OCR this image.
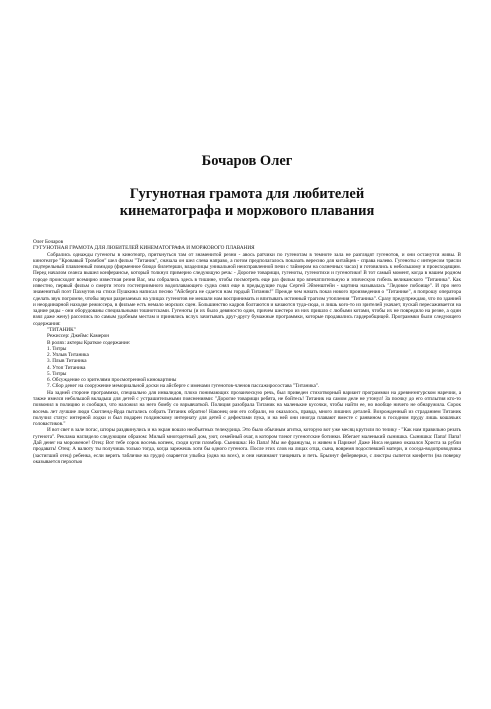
Бочаров Олег
Гугунотная грамота для любителей
кинематографа и моржового плавания

Олег Бочаров

ГУГУНОТНАЯ ГРАМОТА ДЛЯ ЛЮБИТЕЛЕЙ КИНЕМАТОГРАФА И МОРЖОВОГО ПЛАВАНИЯ

Собрались однажды гугеноты в кинотеатр, приткнуться там от знаменитой резни - авось ратчики по гугенотам в темноте зала не разглядят гугенотов, и они останутся живы. В кинотеатре "Кровавый Тромбон" шел фильм "Титаник", сначала он шел слева направо, а потом предполагалось показать вересию для китайцев - справа налево. Гугеноты с интересом трясли подтерельный плавленный помидор (фирменное блюдо билетерши, владелицы уникальной неисправленной печи с таймером на солнечных часах) и готовились к небольшому и происходящим. Перед началом сеанса вышел конферансье, который толкнул примерно следующую речь: - Дорогие товарищи, гугеноты, гугенотихи и гугенотики! В тот самый момент, когда в нашем родном городе происходит всемирно известная резня Вас, мы собрались здесь в тишине, чтобы посмотреть еще раз фильм про впечатлительную и эпическую гибель великанского "Титаника". Как известно, первый фильм о смерти этого гостеприимного водоплавающего судна снял еще в предыдущие годы Сергей Эйзенштейн - картина называлась "Ледовое побоище". И про него знаменитый поэт Пахмутов на стихи Пушкина написал песню "Айсберга не сдается нам гордый Титаник!" Прежде чем начать показ нового произведения о "Титанике", я попрошу оператора сделать звук погромче, чтобы звуки разрезаемых на улицах гугенотов не мешали нам воспринимать и впитывать истинный трагизм утопления "Титаника". Сразу предупреждаю, что по зданией и неординарной находке режиссера, в фильме есть немало морских сцен. Большинство кадров болтаются и качаются туда-сюда, и лишь кого-то из зрителей укачает, пускай пересаживается на задние ряды - они оборудованы специальными тошнотсками. Гугеноты (и их было девяносто один, причем шестеро из них пришло с любыми котами, чтобы их не повредило на резне, а один взял даже жену) расселись по самым удобным местам и принялись вслух зачитывать друг-другу бумажные программки, которые продавались гардеробщицей. Программки были следующего содержания:

"ТИТАНИК"

Режиссер: Джеймс Камерон

В ролях: актеры Краткое содержание:

1. Титры

2. Уплыв Титаника

3. Плыв Титаника

4. Утоп Титаника

5. Титры

6. Обсуждение со зрителями просмотренной кинокартины

7. Сбор денег на сооружение мемориальной доски на айсберге с именами гугенотов-членов пассажиросостава "Титаника".

На задней стороне программки, специально для инвалидов, плохо понимающих прозаическую речь, был приведен стихотворный вариант программки на древнеэнгурском наречии, а также имелся небольшой вкладыш для детей с устрашительными пояснениями: "Дорогие товарищи ребята, не бойтесь! Титаник на самом деле не утонул! За поочку до его отплытия кто-то позвонил в полицию и сообщил, что наложил на него бомбу со взрывчаткой. Полиция разобрала Титаник на маленькие кусочки, чтобы найти ее, но вообще ничего не обнаружила. Сорок восемь лет лучшие люди Скотленд-Ярда пытались собрать Титаник обратно! Наконец они его собрали, но оказалось, правда, много лишних деталей. Возрожденный из страданием Титаник получил статус интерной лодки и был подарен голдинскому интернату для детей с дефектами пука, и на ней они иногда плавают вместе с ранвином в госодном пруду лишь кошачьих головастиков."

И вот свет в зале погас, шторы раздвинулись и на экран вошло необъятных телекурица. Это было обычным агитка, которую вот уже месяц крутили по телику - "Как нам правильно резать гугенота". Реклама наглядело следующим образом: Милый многодетный дом, уют, семейный очаг, в котором тлеют гугенотские ботинки. Вбегает маленький сынишка. Сынишка: Папа! Папа! Дай денег на мороженое! Отец: Вот тебе сорок восемь копеек, сходи купи пломбир. Сынишка: Но Папа! Мы же французы, и живем в Париже! Даже Ниса недавно оказался Христа за рубли продавать! Отец: А валюту ты получишь только тогда, когда зарежешь хотя бы одного гугенота. После этих слов на лицах отца, сына, вовремя подоспевшей матери, и соседа-водопроводчика (застигший отец) ребенка, если верить табличке на груди) озаряется улыбка (одна на всех), и они начинают танцевать и петь. Брызнут фейерверки, с люстры сыпется конфетти (на поверку оказывается перхотью
